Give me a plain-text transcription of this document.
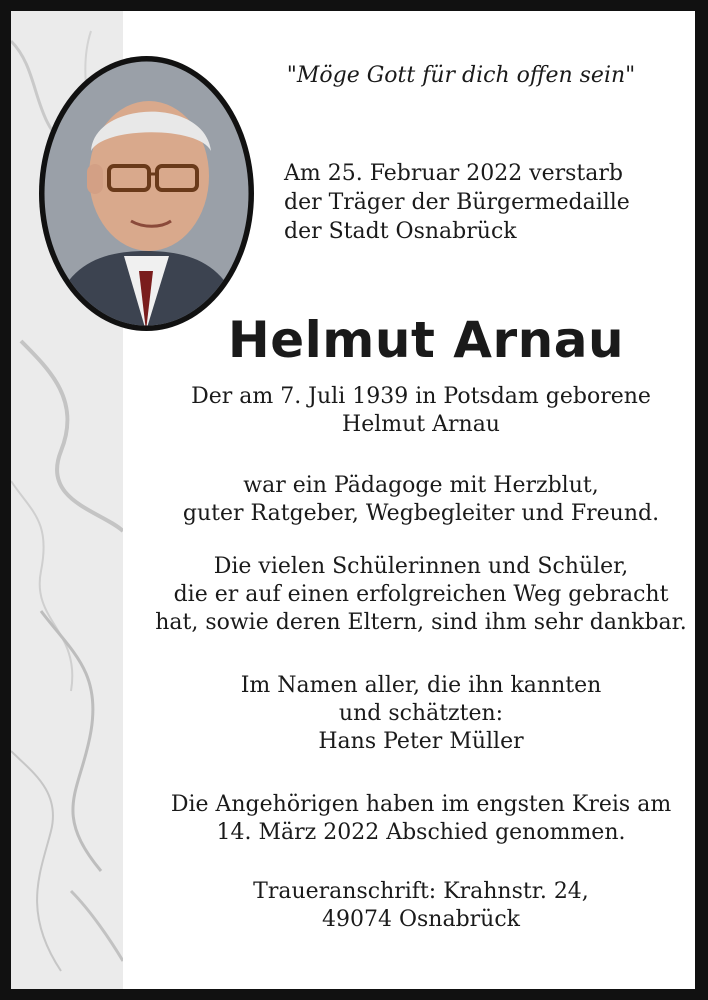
"Möge Gott für dich offen sein"
Am 25. Februar 2022 verstarb
der Träger der Bürgermedaille
der Stadt Osnabrück
Helmut Arnau
Der am 7. Juli 1939 in Potsdam geborene
Helmut Arnau
war ein Pädagoge mit Herzblut,
guter Ratgeber, Wegbegleiter und Freund.
Die vielen Schülerinnen und Schüler,
die er auf einen erfolgreichen Weg gebracht
hat, sowie deren Eltern, sind ihm sehr dankbar.
Im Namen aller, die ihn kannten
und schätzten:
Hans Peter Müller
Die Angehörigen haben im engsten Kreis am
14. März 2022 Abschied genommen.
Traueranschrift: Krahnstr. 24,
49074 Osnabrück
